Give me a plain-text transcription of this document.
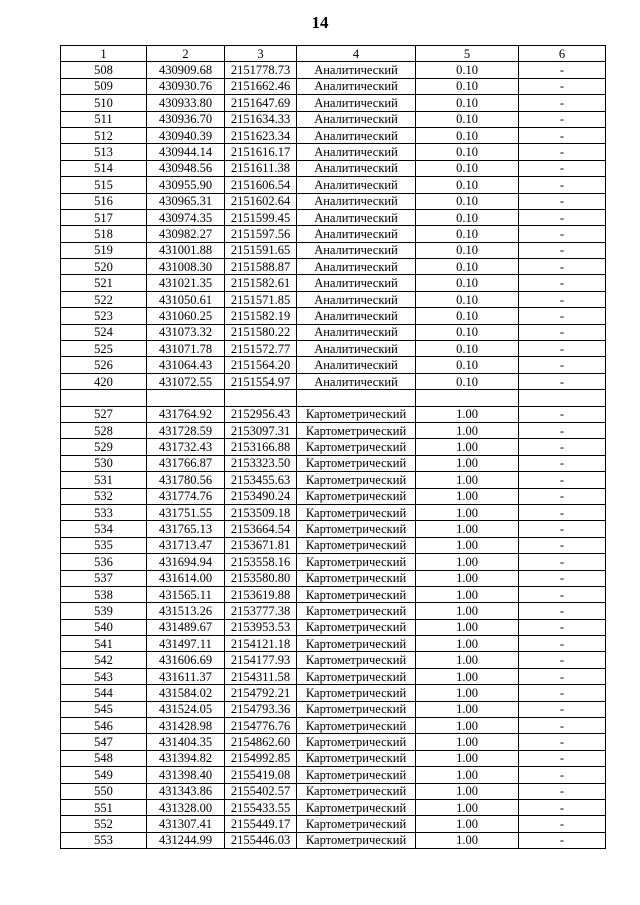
14
1	2	3	4	5	6
508	430909.68	2151778.73	Аналитический	0.10	-
509	430930.76	2151662.46	Аналитический	0.10	-
510	430933.80	2151647.69	Аналитический	0.10	-
511	430936.70	2151634.33	Аналитический	0.10	-
512	430940.39	2151623.34	Аналитический	0.10	-
513	430944.14	2151616.17	Аналитический	0.10	-
514	430948.56	2151611.38	Аналитический	0.10	-
515	430955.90	2151606.54	Аналитический	0.10	-
516	430965.31	2151602.64	Аналитический	0.10	-
517	430974.35	2151599.45	Аналитический	0.10	-
518	430982.27	2151597.56	Аналитический	0.10	-
519	431001.88	2151591.65	Аналитический	0.10	-
520	431008.30	2151588.87	Аналитический	0.10	-
521	431021.35	2151582.61	Аналитический	0.10	-
522	431050.61	2151571.85	Аналитический	0.10	-
523	431060.25	2151582.19	Аналитический	0.10	-
524	431073.32	2151580.22	Аналитический	0.10	-
525	431071.78	2151572.77	Аналитический	0.10	-
526	431064.43	2151564.20	Аналитический	0.10	-
420	431072.55	2151554.97	Аналитический	0.10	-

527	431764.92	2152956.43	Картометрический	1.00	-
528	431728.59	2153097.31	Картометрический	1.00	-
529	431732.43	2153166.88	Картометрический	1.00	-
530	431766.87	2153323.50	Картометрический	1.00	-
531	431780.56	2153455.63	Картометрический	1.00	-
532	431774.76	2153490.24	Картометрический	1.00	-
533	431751.55	2153509.18	Картометрический	1.00	-
534	431765.13	2153664.54	Картометрический	1.00	-
535	431713.47	2153671.81	Картометрический	1.00	-
536	431694.94	2153558.16	Картометрический	1.00	-
537	431614.00	2153580.80	Картометрический	1.00	-
538	431565.11	2153619.88	Картометрический	1.00	-
539	431513.26	2153777.38	Картометрический	1.00	-
540	431489.67	2153953.53	Картометрический	1.00	-
541	431497.11	2154121.18	Картометрический	1.00	-
542	431606.69	2154177.93	Картометрический	1.00	-
543	431611.37	2154311.58	Картометрический	1.00	-
544	431584.02	2154792.21	Картометрический	1.00	-
545	431524.05	2154793.36	Картометрический	1.00	-
546	431428.98	2154776.76	Картометрический	1.00	-
547	431404.35	2154862.60	Картометрический	1.00	-
548	431394.82	2154992.85	Картометрический	1.00	-
549	431398.40	2155419.08	Картометрический	1.00	-
550	431343.86	2155402.57	Картометрический	1.00	-
551	431328.00	2155433.55	Картометрический	1.00	-
552	431307.41	2155449.17	Картометрический	1.00	-
553	431244.99	2155446.03	Картометрический	1.00	-
